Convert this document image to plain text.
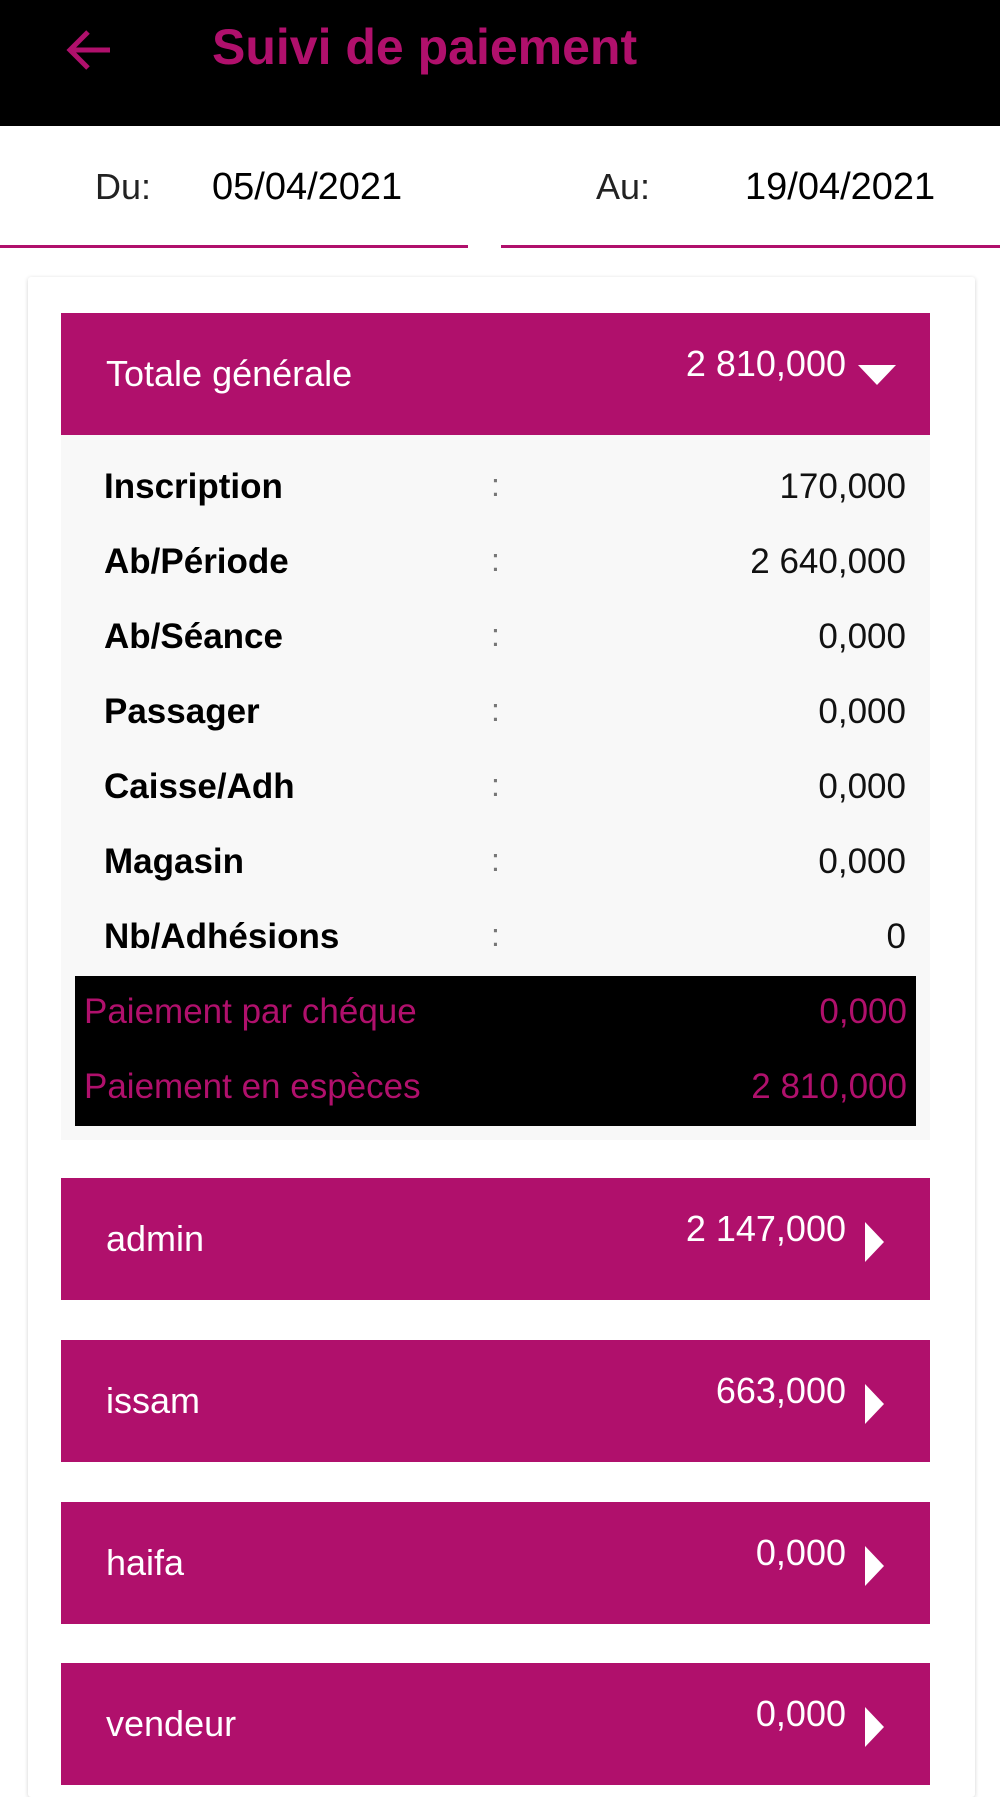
Suivi de paiement
Du: 05/04/2021	Au: 19/04/2021
Totale générale	2 810,000
Inscription	:	170,000
Ab/Période	:	2 640,000
Ab/Séance	:	0,000
Passager	:	0,000
Caisse/Adh	:	0,000
Magasin	:	0,000
Nb/Adhésions	:	0
Paiement par chéque	0,000
Paiement en espèces	2 810,000
admin	2 147,000
issam	663,000
haifa	0,000
vendeur	0,000
